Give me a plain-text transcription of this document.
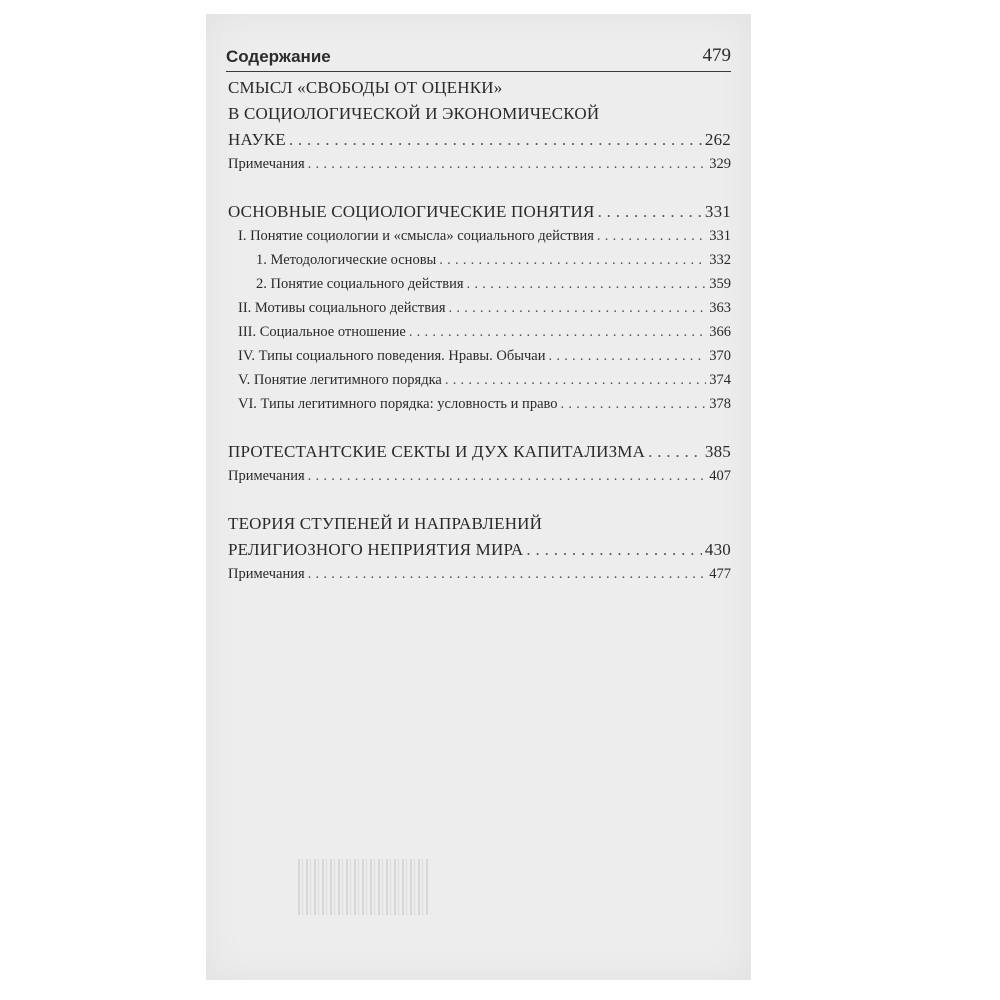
Содержание	479
СМЫСЛ «СВОБОДЫ ОТ ОЦЕНКИ»
В СОЦИОЛОГИЧЕСКОЙ И ЭКОНОМИЧЕСКОЙ
НАУКЕ . . .	262
Примечания . . .	329
ОСНОВНЫЕ СОЦИОЛОГИЧЕСКИЕ ПОНЯТИЯ . . .	331
I. Понятие социологии и «смысла» социального действия . . .	331
1. Методологические основы . . .	332
2. Понятие социального действия . . .	359
II. Мотивы социального действия . . .	363
III. Социальное отношение . . .	366
IV. Типы социального поведения. Нравы. Обычаи . . .	370
V. Понятие легитимного порядка . . .	374
VI. Типы легитимного порядка: условность и право . . .	378
ПРОТЕСТАНТСКИЕ СЕКТЫ И ДУХ КАПИТАЛИЗМА . . .	385
Примечания . . .	407
ТЕОРИЯ СТУПЕНЕЙ И НАПРАВЛЕНИЙ
РЕЛИГИОЗНОГО НЕПРИЯТИЯ МИРА . . .	430
Примечания . . .	477
